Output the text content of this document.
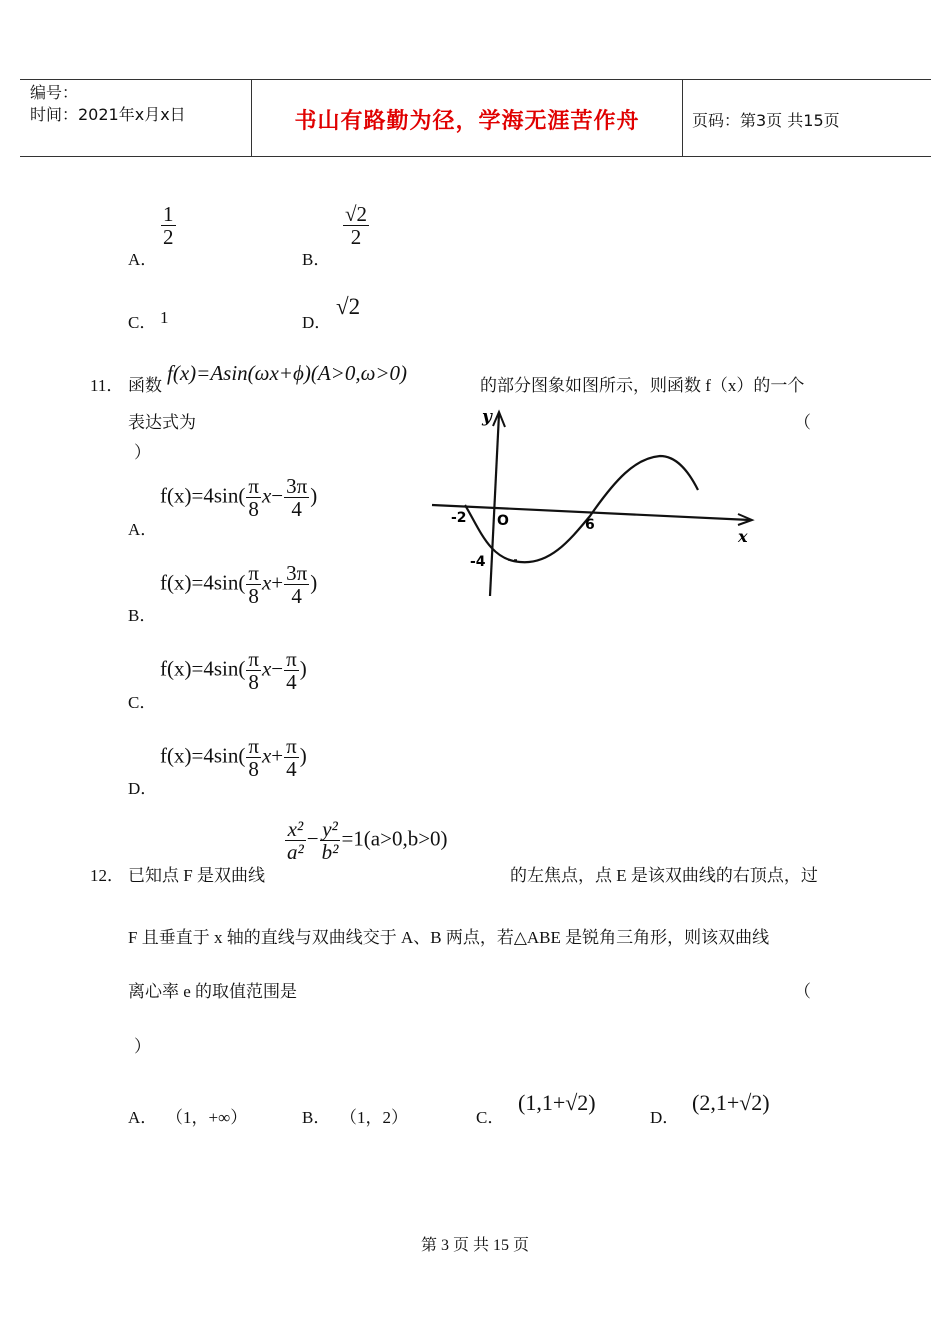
编号：
时间：2021年x月x日	书山有路勤为径，学海无涯苦作舟	页码：第3页 共15页
A．
$\frac{1}{2}$
B．
$\frac{√2}{2}$
C． 1	D．
√2
11． 函数
f(x)=Asin(ωx+ϕ)(A>0,ω>0)
的部分图象如图所示，则函数 f（x）的一个
表达式为	（
）
A．
$f(x)=4\sin( \frac{\pi}{8} x- \frac{3\pi}{4}$ )
B．
$f(x)=4\sin( \frac{\pi}{8} x+ \frac{3\pi}{4}$ )
C．
$f(x)=4\sin( \frac{\pi}{8} x- \frac{\pi}{4}$ )
D．
$f(x)=4\sin( \frac{\pi}{8} x+ \frac{\pi}{4}$ )
y
x
O
-2	6
-4
12． 已知点 F 是双曲线
$\frac{\text{x²}}{\text{a²}} - \frac{\text{y²}}{\text{b²}} =1(a>0,b>0)$
的左焦点，点 E 是该双曲线的右顶点，过
F 且垂直于 x 轴的直线与双曲线交于 A、B 两点，若△ABE 是锐角三角形，则该双曲线
离心率 e 的取值范围是	（
）
A． （1，+∞）	B． （1，2）	C．
(1,1+√2)
D．
(2,1+√2)
第 3 页 共 15 页
